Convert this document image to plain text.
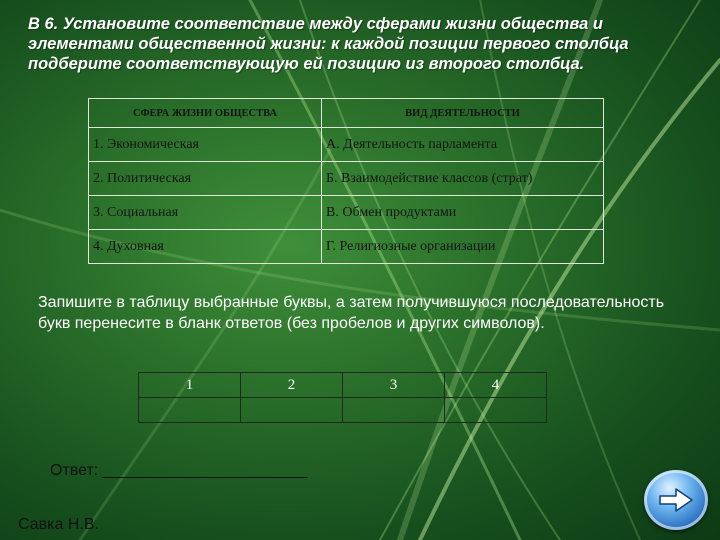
В 6. Установите соответствие между сферами жизни общества и элементами общественной жизни: к каждой позиции первого столбца подберите соответствующую ей позицию из второго столбца.
СФЕРА ЖИЗНИ ОБЩЕСТВА	ВИД ДЕЯТЕЛЬНОСТИ
1. Экономическая	А. Деятельность парламента
2. Политическая	Б. Взаимодействие классов (страт)
3. Социальная	В. Обмен продуктами
4. Духовная	Г. Религиозные организации
Запишите в таблицу выбранные буквы, а затем получившуюся последовательность букв перенесите в бланк ответов (без пробелов и других символов).
1	2	3	4

Ответ: _______________________
Савка Н.В.
